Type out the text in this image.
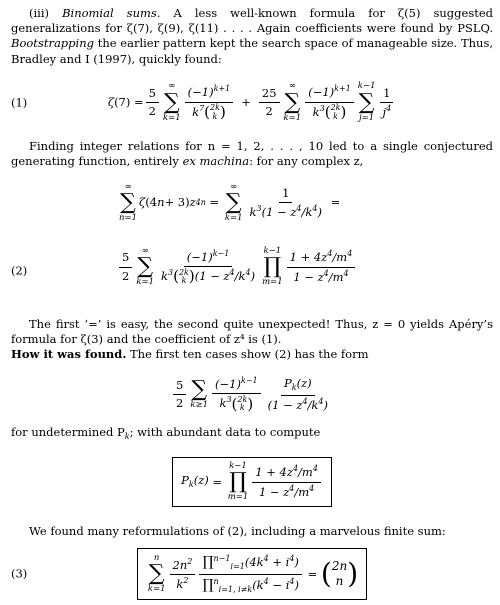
(iii) Binomial sums. A less well-known formula for ζ(5) suggested generalizations for ζ(7), ζ(9), ζ(11) . . . . Again coefficients were found by PSLQ. Bootstrapping the earlier pattern kept the search space of manageable size. Thus, Bradley and I (1997), quickly found:

(1)	ζ $(7) = \frac{5}{2}$ ∞
∑
k=1 $(-1)^{k+1}$
$k^7$ ( 2k
k ) + $\frac{25}{2}$ ∞
∑
k=1 $(-1)^{k+1}$
$k^3$ ( 2k
k ) k−1
∑
$j=1 \frac{1}{j^4}$

Finding integer relations for n = 1, 2, . . . , 10 led to a single conjectured generating function, entirely ex machina: for any complex z,

(2)
∞
∑
n=1
ζ (4 n + 3) z 4n =
∞
∑
$k=1 \frac{1}{k^3(1 - z^4/k^4)}$ =
$\frac{5}{2}$ ∞
∑
k=1 $(-1)^{k-1}$
$k^3$ ( 2k
k ) $(1 - z^4/k^4)$ k−1
∏
$m=1 \frac{1 + 4z^4/m^4}{1 - z^4/m^4}$

The first ‘=’ is easy, the second quite unexpected! Thus, z = 0 yields Apéry’s formula for ζ(3) and the coefficient of z⁴ is (1).

How it was found. The first ten cases show (2) has the form

$\frac{5}{2}$ ∑
k≥1 $(-1)^{k-1}$
$k^3$ ( 2k
k ) $\frac{P_k(z)}{(1 - z^4/k^4)}$

for undetermined $P_k$; with abundant data to compute

$P_k(z)$ =
k−1
∏
$m=1 \frac{1 + 4z^4/m^4}{1 - z^4/m^4}$

We found many reformulations of (2), including a marvelous finite sum:

(3)
n
∑
$k=1 \frac{2n^2}{k^2} \frac{\prod^{n-1}_{i=1}(4k^4 + i^4)}{\prod^n_{i=1, i\ne k}(k^4 - i^4)}$ = ( 2n
n )
